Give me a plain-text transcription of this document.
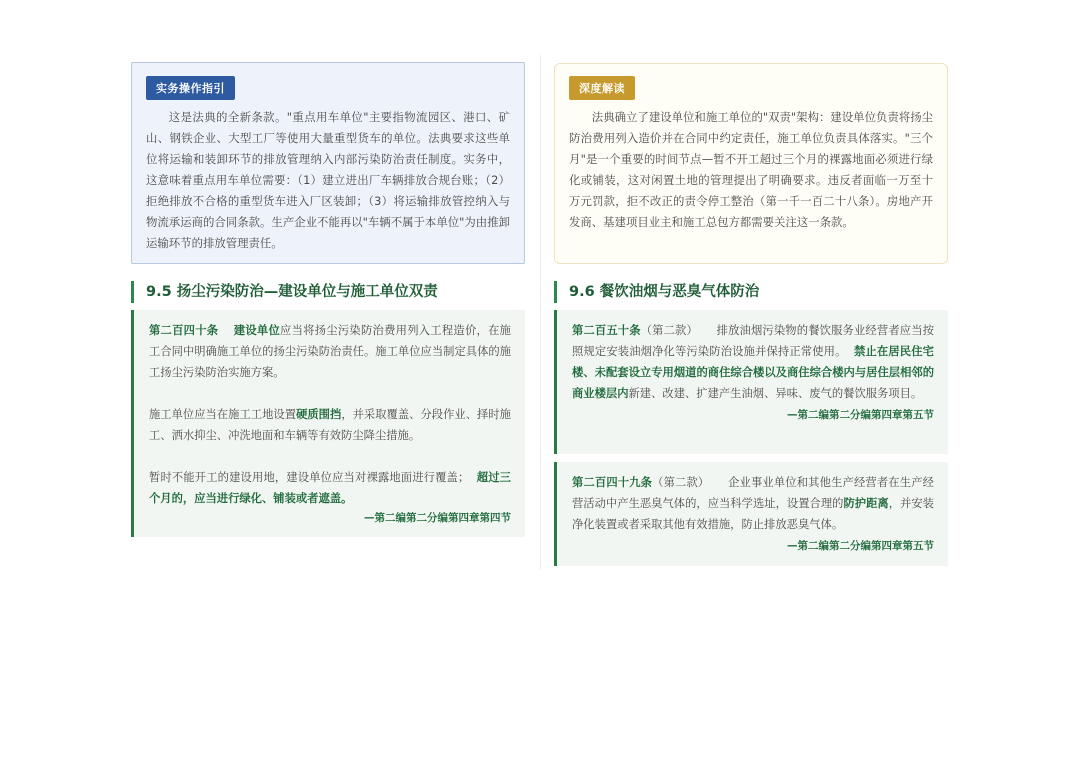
实务操作指引
这是法典的全新条款。"重点用车单位"主要指物流园区、港口、矿山、钢铁企业、大型工厂等使用大量重型货车的单位。法典要求这些单位将运输和装卸环节的排放管理纳入内部污染防治责任制度。实务中，这意味着重点用车单位需要：（1）建立进出厂车辆排放合规台账；（2）拒绝排放不合格的重型货车进入厂区装卸；（3）将运输排放管控纳入与物流承运商的合同条款。生产企业不能再以"车辆不属于本单位"为由推卸运输环节的排放管理责任。
深度解读
法典确立了建设单位和施工单位的"双责"架构：建设单位负责将扬尘防治费用列入造价并在合同中约定责任，施工单位负责具体落实。"三个月"是一个重要的时间节点—暂不开工超过三个月的裸露地面必须进行绿化或铺装，这对闲置土地的管理提出了明确要求。违反者面临一万至十万元罚款，拒不改正的责令停工整治（第一千一百二十八条）。房地产开发商、基建项目业主和施工总包方都需要关注这一条款。
9.5 扬尘污染防治—建设单位与施工单位双责

第二百四十条 建设单位应当将扬尘污染防治费用列入工程造价，在施工合同中明确施工单位的扬尘污染防治责任。施工单位应当制定具体的施工扬尘污染防治实施方案。

施工单位应当在施工工地设置硬质围挡，并采取覆盖、分段作业、择时施工、洒水抑尘、冲洗地面和车辆等有效防尘降尘措施。

暂时不能开工的建设用地，建设单位应当对裸露地面进行覆盖； 超过三个月的，应当进行绿化、铺装或者遮盖。

—第二编第二分编第四章第四节
9.6 餐饮油烟与恶臭气体防治

第二百五十条（第二款） 排放油烟污染物的餐饮服务业经营者应当按照规定安装油烟净化等污染防治设施并保持正常使用。 禁止在居民住宅楼、未配套设立专用烟道的商住综合楼以及商住综合楼内与居住层相邻的商业楼层内新建、改建、扩建产生油烟、异味、废气的餐饮服务项目。

—第二编第二分编第四章第五节

第二百四十九条（第二款） 企业事业单位和其他生产经营者在生产经营活动中产生恶臭气体的，应当科学选址，设置合理的防护距离，并安装净化装置或者采取其他有效措施，防止排放恶臭气体。

—第二编第二分编第四章第五节
